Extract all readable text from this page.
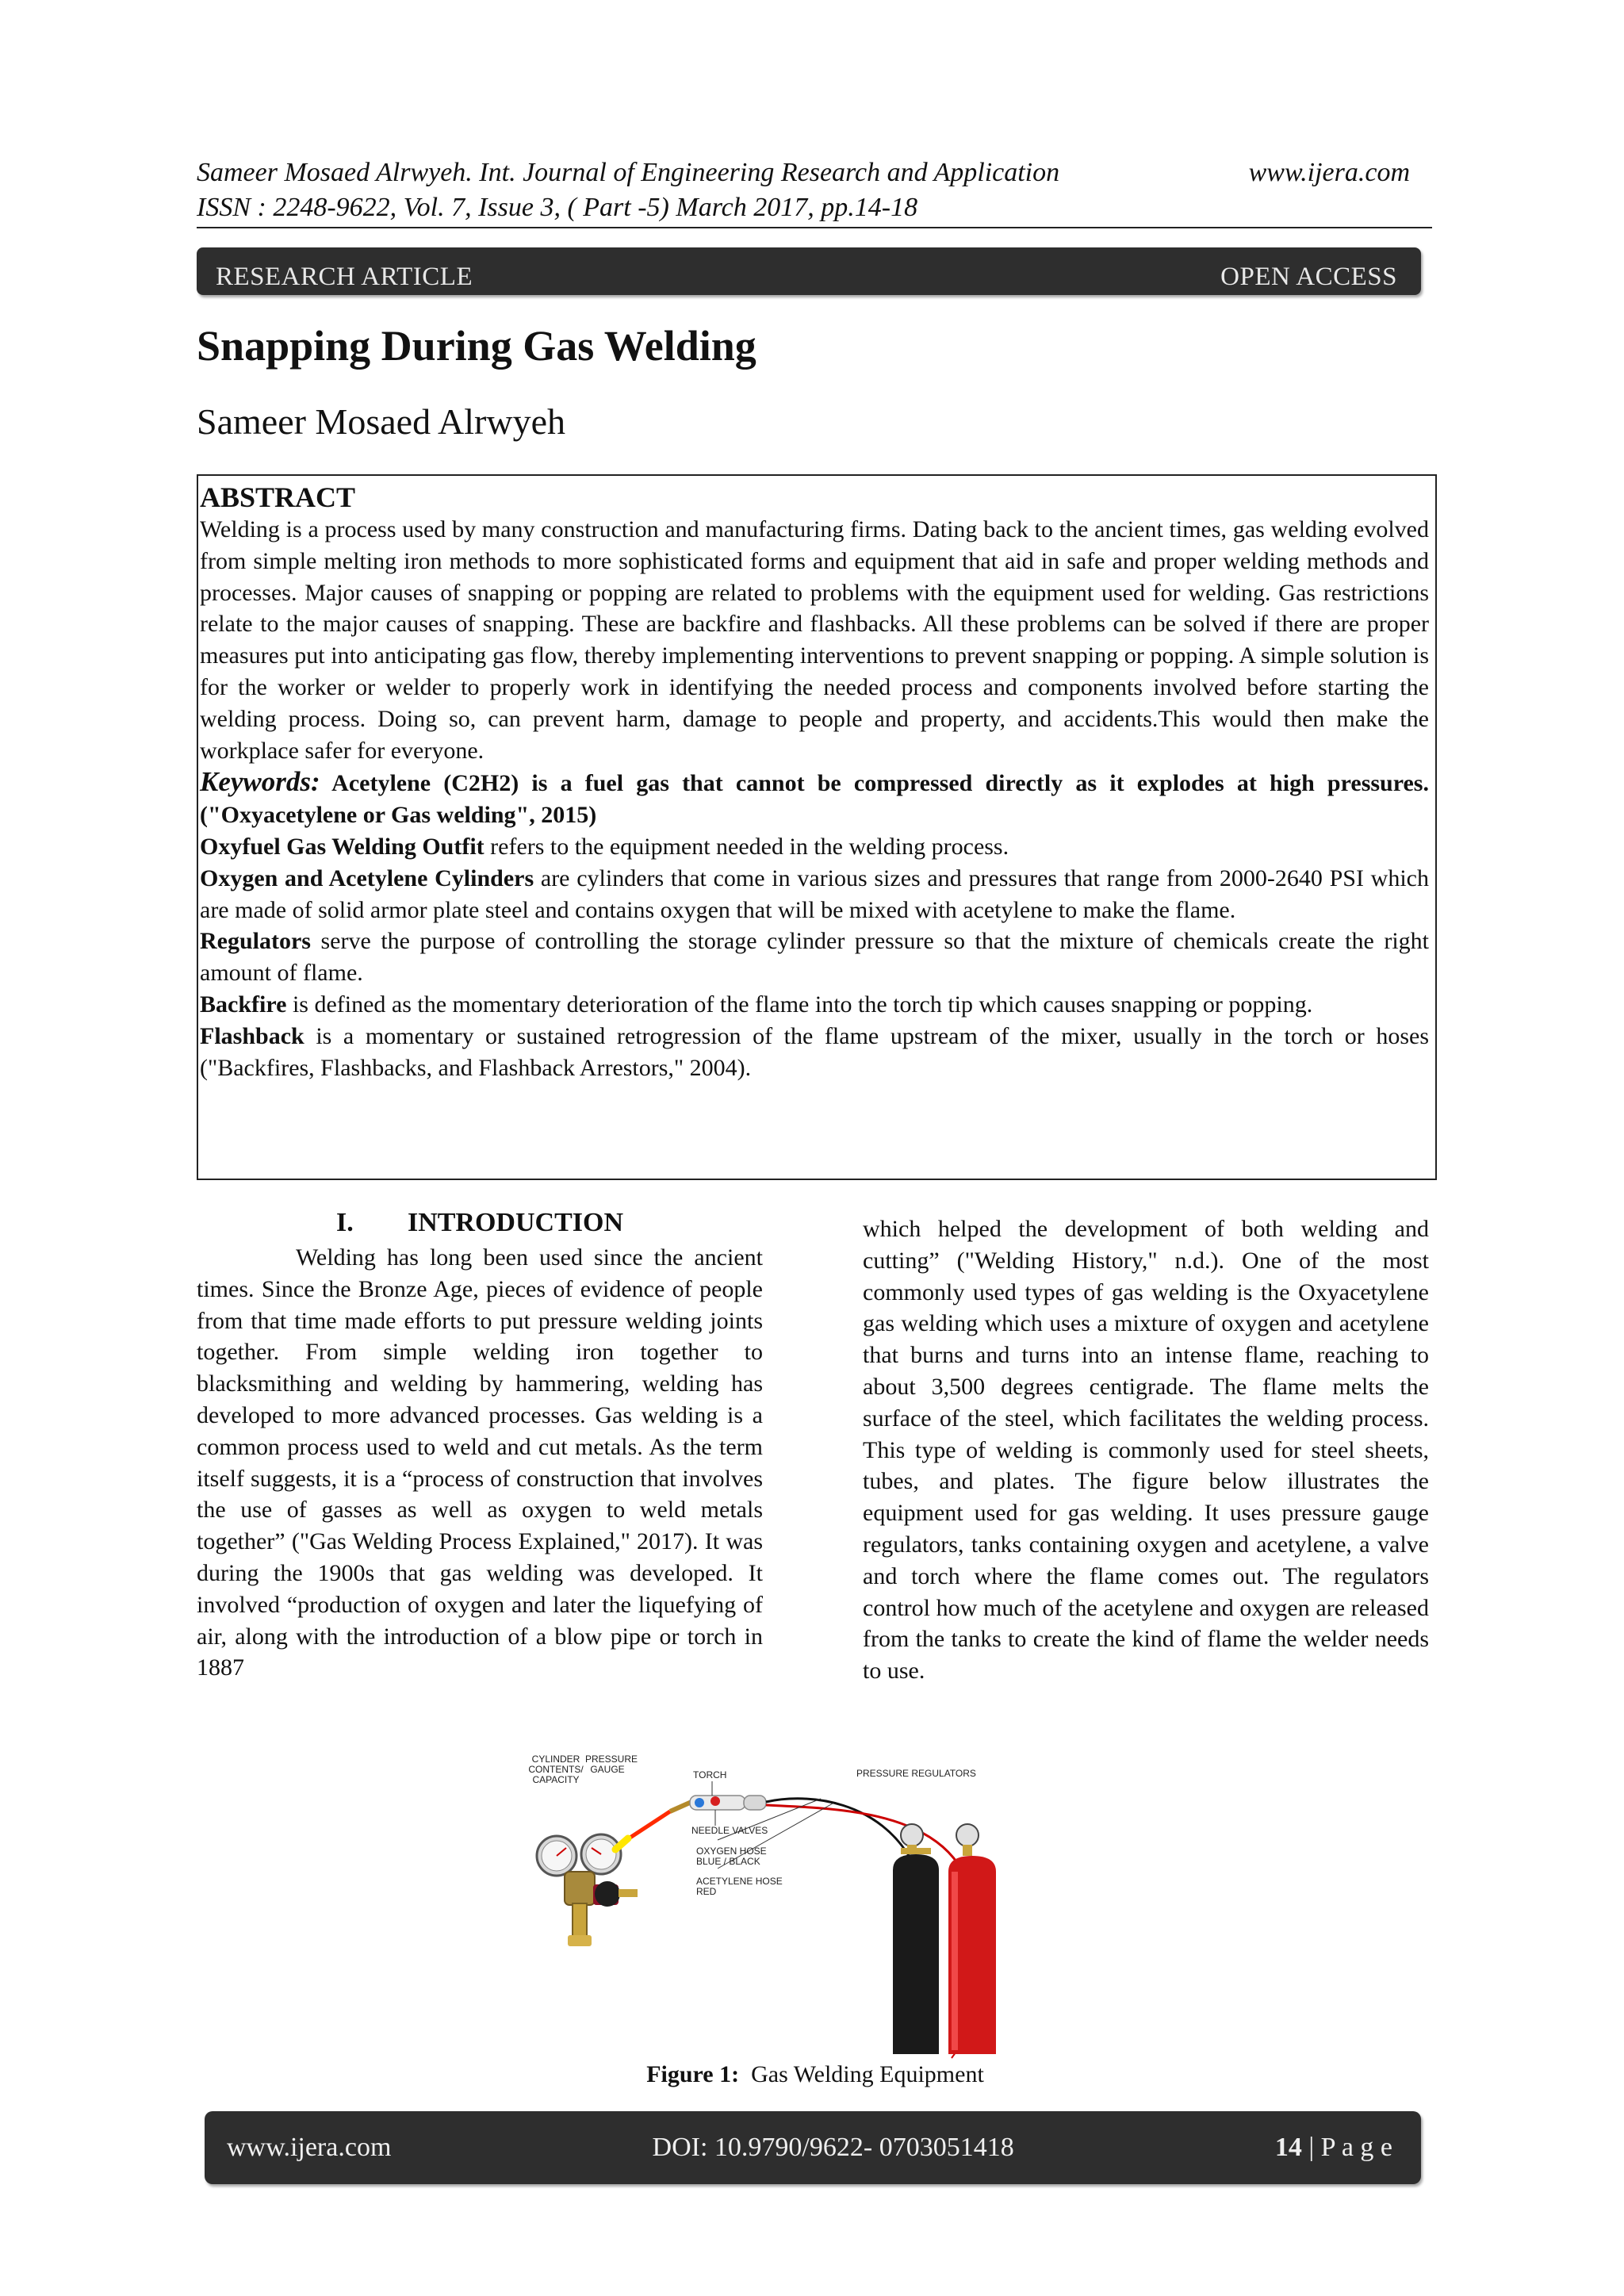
Sameer Mosaed Alrwyeh. Int. Journal of Engineering Research and Application	www.ijera.com
ISSN : 2248-9622, Vol. 7, Issue 3, ( Part -5) March 2017, pp.14-18
RESEARCH ARTICLE	OPEN ACCESS
Snapping During Gas Welding
Sameer Mosaed Alrwyeh

ABSTRACT

Welding is a process used by many construction and manufacturing firms. Dating back to the ancient times, gas welding evolved from simple melting iron methods to more sophisticated forms and equipment that aid in safe and proper welding methods and processes. Major causes of snapping or popping are related to problems with the equipment used for welding. Gas restrictions relate to the major causes of snapping. These are backfire and flashbacks. All these problems can be solved if there are proper measures put into anticipating gas flow, thereby implementing interventions to prevent snapping or popping. A simple solution is for the worker or welder to properly work in identifying the needed process and components involved before starting the welding process. Doing so, can prevent harm, damage to people and property, and accidents.This would then make the workplace safer for everyone.

Keywords: Acetylene (C2H2) is a fuel gas that cannot be compressed directly as it explodes at high pressures. ("Oxyacetylene or Gas welding", 2015)

Oxyfuel Gas Welding Outfit refers to the equipment needed in the welding process.

Oxygen and Acetylene Cylinders are cylinders that come in various sizes and pressures that range from 2000-2640 PSI which are made of solid armor plate steel and contains oxygen that will be mixed with acetylene to make the flame.

Regulators serve the purpose of controlling the storage cylinder pressure so that the mixture of chemicals create the right amount of flame.

Backfire is defined as the momentary deterioration of the flame into the torch tip which causes snapping or popping.

Flashback is a momentary or sustained retrogression of the flame upstream of the mixer, usually in the torch or hoses ("Backfires, Flashbacks, and Flashback Arrestors," 2004).

I. INTRODUCTION

Welding has long been used since the ancient times. Since the Bronze Age, pieces of evidence of people from that time made efforts to put pressure welding joints together. From simple welding iron together to blacksmithing and welding by hammering, welding has developed to more advanced processes. Gas welding is a common process used to weld and cut metals. As the term itself suggests, it is a “process of construction that involves the use of gasses as well as oxygen to weld metals together” ("Gas Welding Process Explained," 2017). It was during the 1900s that gas welding was developed. It involved “production of oxygen and later the liquefying of air, along with the introduction of a blow pipe or torch in 1887

which helped the development of both welding and cutting” ("Welding History," n.d.). One of the most commonly used types of gas welding is the Oxyacetylene gas welding which uses a mixture of oxygen and acetylene that burns and turns into an intense flame, reaching to about 3,500 degrees centigrade. The flame melts the surface of the steel, which facilitates the welding process. This type of welding is commonly used for steel sheets, tubes, and plates. The figure below illustrates the equipment used for gas welding. It uses pressure gauge regulators, tanks containing oxygen and acetylene, a valve and torch where the flame comes out. The regulators control how much of the acetylene and oxygen are released from the tanks to create the kind of flame the welder needs to use.

CYLINDER CONTENTS/ CAPACITY
PRESSURE GAUGE	TORCH	PRESSURE REGULATORS
NEEDLE VALVES
OXYGEN HOSE BLUE / BLACK
ACETYLENE HOSE RED
Figure 1: Gas Welding Equipment
www.ijera.com	DOI: 10.9790/9622- 0703051418	14 | P a g e
